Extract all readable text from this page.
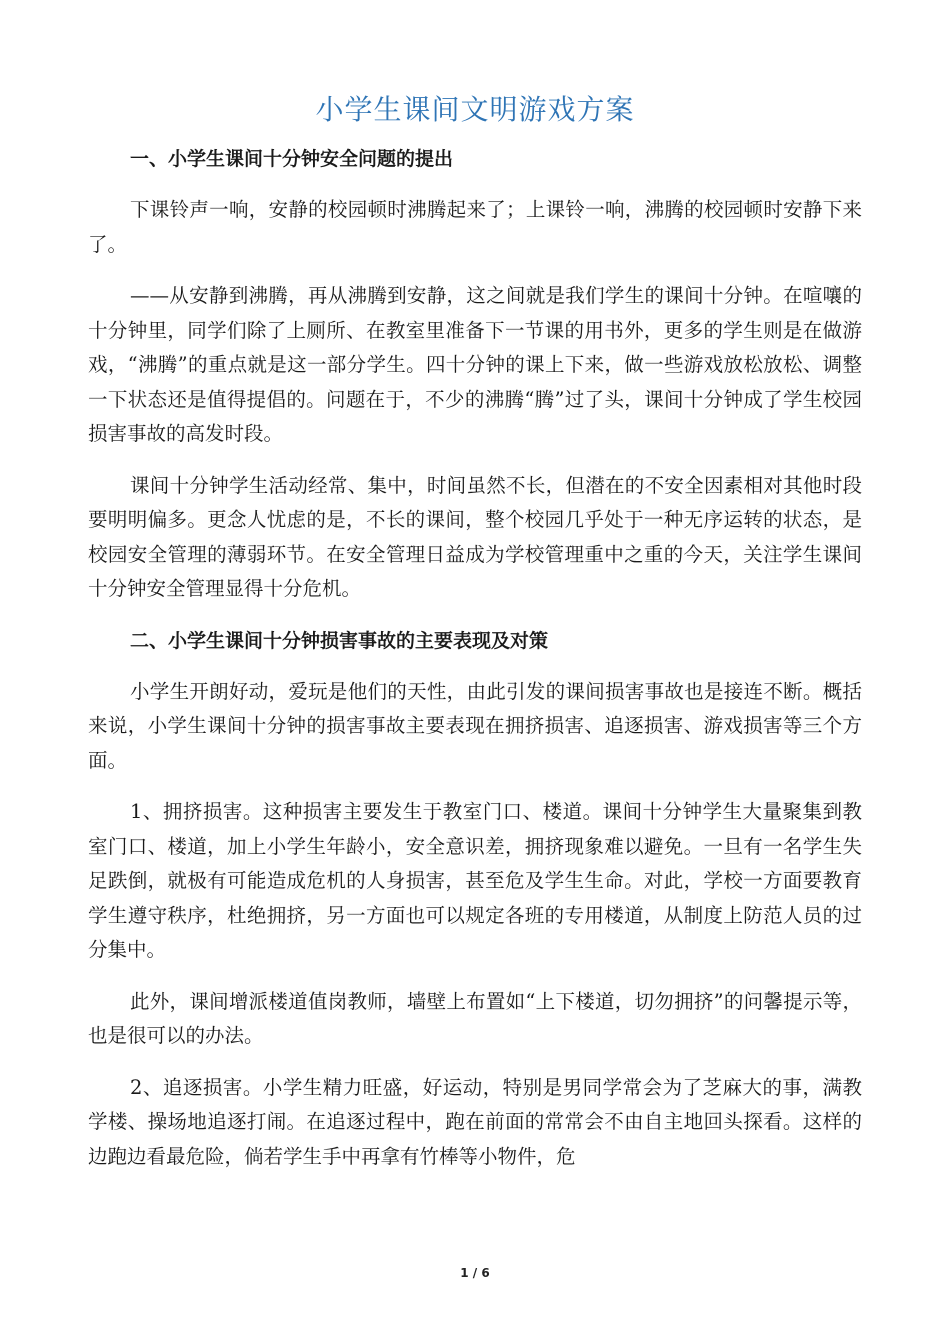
小学生课间文明游戏方案
一、小学生课间十分钟安全问题的提出

下课铃声一响，安静的校园顿时沸腾起来了；上课铃一响，沸腾的校园顿时安静下来了。

——从安静到沸腾，再从沸腾到安静，这之间就是我们学生的课间十分钟。在喧嚷的十分钟里，同学们除了上厕所、在教室里准备下一节课的用书外，更多的学生则是在做游戏，“沸腾”的重点就是这一部分学生。四十分钟的课上下来，做一些游戏放松放松、调整一下状态还是值得提倡的。问题在于，不少的沸腾“腾”过了头，课间十分钟成了学生校园损害事故的高发时段。

课间十分钟学生活动经常、集中，时间虽然不长，但潜在的不安全因素相对其他时段要明明偏多。更念人忧虑的是，不长的课间，整个校园几乎处于一种无序运转的状态，是校园安全管理的薄弱环节。在安全管理日益成为学校管理重中之重的今天，关注学生课间十分钟安全管理显得十分危机。

二、小学生课间十分钟损害事故的主要表现及对策

小学生开朗好动，爱玩是他们的天性，由此引发的课间损害事故也是接连不断。概括来说，小学生课间十分钟的损害事故主要表现在拥挤损害、追逐损害、游戏损害等三个方面。

1、拥挤损害。这种损害主要发生于教室门口、楼道。课间十分钟学生大量聚集到教室门口、楼道，加上小学生年龄小，安全意识差，拥挤现象难以避免。一旦有一名学生失足跌倒，就极有可能造成危机的人身损害，甚至危及学生生命。对此，学校一方面要教育学生遵守秩序，杜绝拥挤，另一方面也可以规定各班的专用楼道，从制度上防范人员的过分集中。

此外，课间增派楼道值岗教师，墙壁上布置如“上下楼道，切勿拥挤”的问馨提示等，也是很可以的办法。

2、追逐损害。小学生精力旺盛，好运动，特别是男同学常会为了芝麻大的事，满教学楼、操场地追逐打闹。在追逐过程中，跑在前面的常常会不由自主地回头探看。这样的边跑边看最危险，倘若学生手中再拿有竹棒等小物件，危

1 / 6
